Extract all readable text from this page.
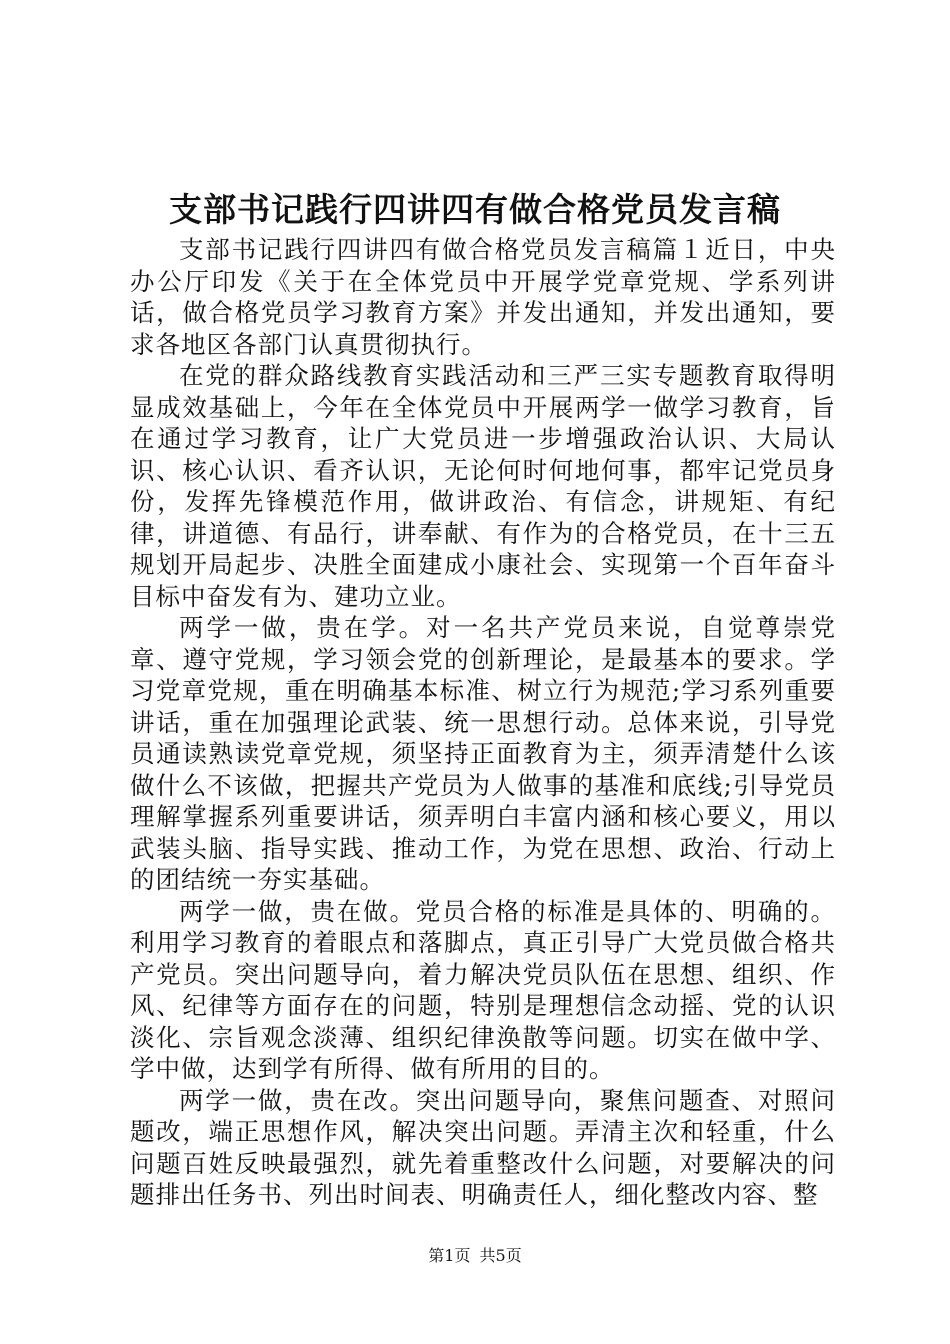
支部书记践行四讲四有做合格党员发言稿

支部书记践行四讲四有做合格党员发言稿篇１近日，中央办公厅印发《关于在全体党员中开展学党章党规、学系列讲话，做合格党员学习教育方案》并发出通知，并发出通知，要求各地区各部门认真贯彻执行。

在党的群众路线教育实践活动和三严三实专题教育取得明显成效基础上，今年在全体党员中开展两学一做学习教育，旨在通过学习教育，让广大党员进一步增强政治认识、大局认识、核心认识、看齐认识，无论何时何地何事，都牢记党员身份，发挥先锋模范作用，做讲政治、有信念，讲规矩、有纪律，讲道德、有品行，讲奉献、有作为的合格党员，在十三五规划开局起步、决胜全面建成小康社会、实现第一个百年奋斗目标中奋发有为、建功立业。

两学一做，贵在学。对一名共产党员来说，自觉尊崇党章、遵守党规，学习领会党的创新理论，是最基本的要求。学习党章党规，重在明确基本标准、树立行为规范;学习系列重要讲话，重在加强理论武装、统一思想行动。总体来说，引导党员通读熟读党章党规，须坚持正面教育为主，须弄清楚什么该做什么不该做，把握共产党员为人做事的基准和底线;引导党员理解掌握系列重要讲话，须弄明白丰富内涵和核心要义，用以武装头脑、指导实践、推动工作，为党在思想、政治、行动上的团结统一夯实基础。

两学一做，贵在做。党员合格的标准是具体的、明确的。利用学习教育的着眼点和落脚点，真正引导广大党员做合格共产党员。突出问题导向，着力解决党员队伍在思想、组织、作风、纪律等方面存在的问题，特别是理想信念动摇、党的认识淡化、宗旨观念淡薄、组织纪律涣散等问题。切实在做中学、学中做，达到学有所得、做有所用的目的。

两学一做，贵在改。突出问题导向，聚焦问题查、对照问题改，端正思想作风，解决突出问题。弄清主次和轻重，什么问题百姓反映最强烈，就先着重整改什么问题，对要解决的问题排出任务书、列出时间表、明确责任人，细化整改内容、整

第1页 共5页
